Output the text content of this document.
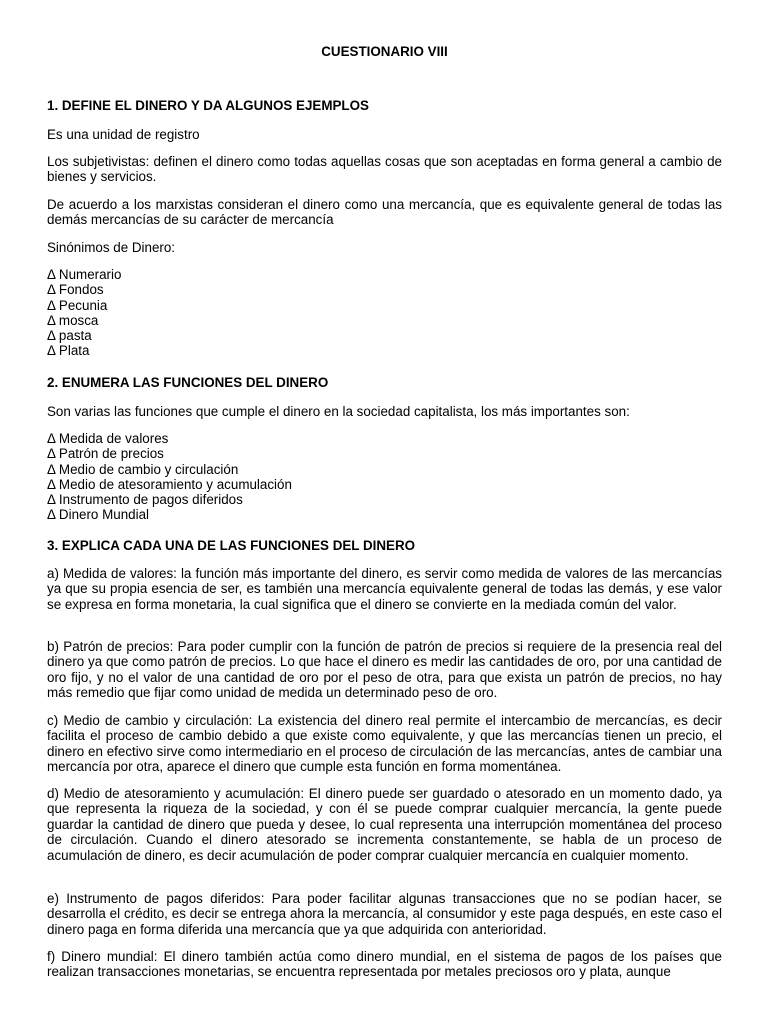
CUESTIONARIO VIII
1. DEFINE EL DINERO Y DA ALGUNOS EJEMPLOS

Es una unidad de registro

Los subjetivistas: definen el dinero como todas aquellas cosas que son aceptadas en forma general a cambio de bienes y servicios.

De acuerdo a los marxistas consideran el dinero como una mercancía, que es equivalente general de todas las demás mercancías de su carácter de mercancía

Sinónimos de Dinero:

Δ Numerario
Δ Fondos
Δ Pecunia
Δ mosca
Δ pasta
Δ Plata
2. ENUMERA LAS FUNCIONES DEL DINERO

Son varias las funciones que cumple el dinero en la sociedad capitalista, los más importantes son:

Δ Medida de valores
Δ Patrón de precios
Δ Medio de cambio y circulación
Δ Medio de atesoramiento y acumulación
Δ Instrumento de pagos diferidos
Δ Dinero Mundial
3. EXPLICA CADA UNA DE LAS FUNCIONES DEL DINERO

a) Medida de valores: la función más importante del dinero, es servir como medida de valores de las mercancías ya que su propia esencia de ser, es también una mercancía equivalente general de todas las demás, y ese valor se expresa en forma monetaria, la cual significa que el dinero se convierte en la mediada común del valor.

b) Patrón de precios: Para poder cumplir con la función de patrón de precios si requiere de la presencia real del dinero ya que como patrón de precios. Lo que hace el dinero es medir las cantidades de oro, por una cantidad de oro fijo, y no el valor de una cantidad de oro por el peso de otra, para que exista un patrón de precios, no hay más remedio que fijar como unidad de medida un determinado peso de oro.

c) Medio de cambio y circulación: La existencia del dinero real permite el intercambio de mercancías, es decir facilita el proceso de cambio debido a que existe como equivalente, y que las mercancías tienen un precio, el dinero en efectivo sirve como intermediario en el proceso de circulación de las mercancías, antes de cambiar una mercancía por otra, aparece el dinero que cumple esta función en forma momentánea.

d) Medio de atesoramiento y acumulación: El dinero puede ser guardado o atesorado en un momento dado, ya que representa la riqueza de la sociedad, y con él se puede comprar cualquier mercancía, la gente puede guardar la cantidad de dinero que pueda y desee, lo cual representa una interrupción momentánea del proceso de circulación. Cuando el dinero atesorado se incrementa constantemente, se habla de un proceso de acumulación de dinero, es decir acumulación de poder comprar cualquier mercancía en cualquier momento.

e) Instrumento de pagos diferidos: Para poder facilitar algunas transacciones que no se podían hacer, se desarrolla el crédito, es decir se entrega ahora la mercancía, al consumidor y este paga después, en este caso el dinero paga en forma diferida una mercancía que ya que adquirida con anterioridad.

f) Dinero mundial: El dinero también actúa como dinero mundial, en el sistema de pagos de los países que realizan transacciones monetarias, se encuentra representada por metales preciosos oro y plata, aunque
